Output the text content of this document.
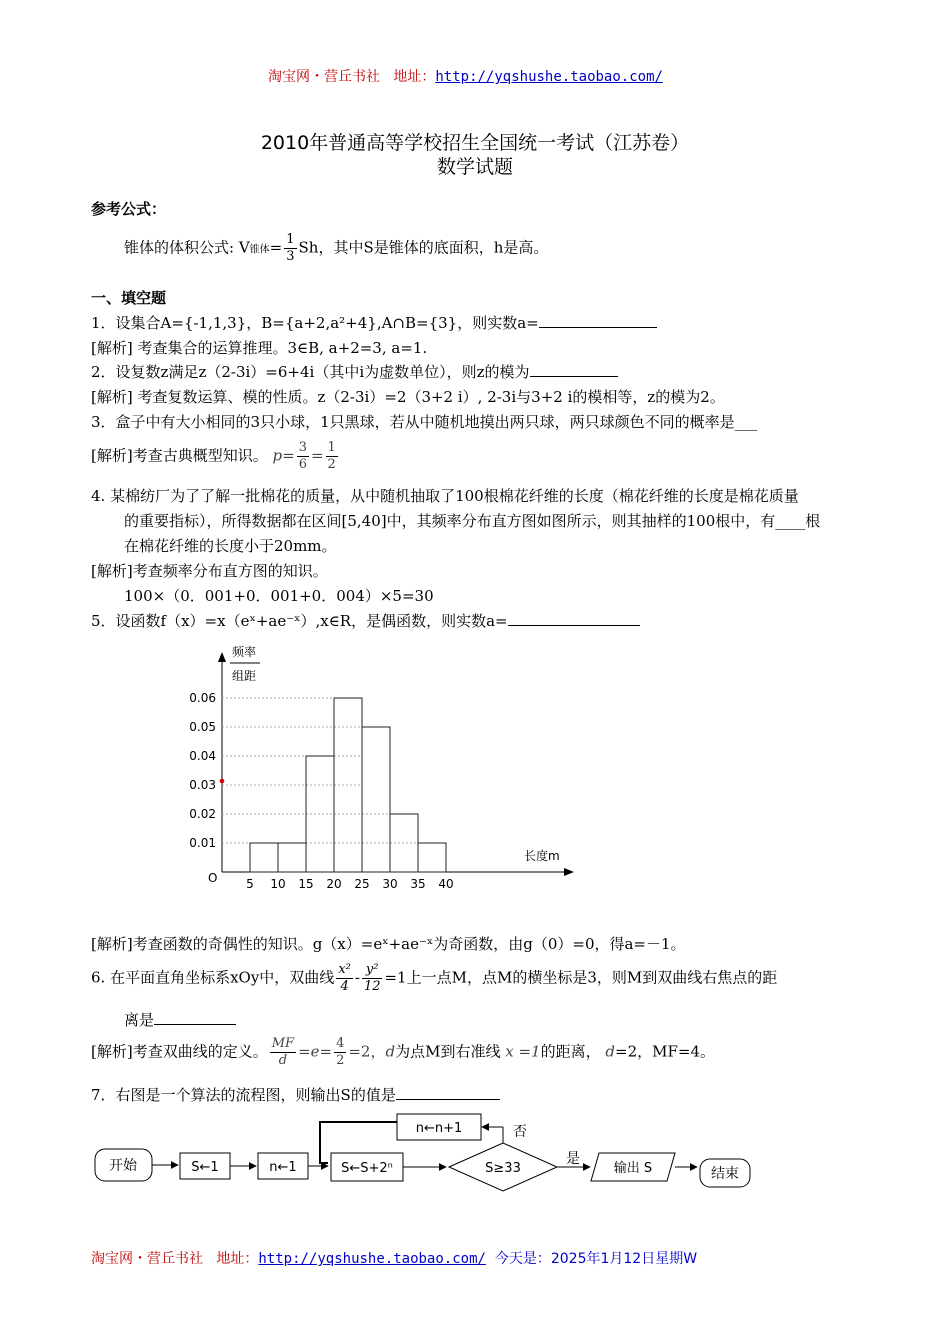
淘宝网・营丘书社 地址：http://yqshushe.taobao.com/
2010年普通高等学校招生全国统一考试（江苏卷）
数学试题
参考公式：
锥体的体积公式: V锥体= $\frac{1}{3}$ Sh，其中S是锥体的底面积，h是高。
一、填空题
1．设集合A={-1,1,3}，B={a+2,a²+4},A∩B={3}，则实数a=
[解析] 考查集合的运算推理。3∈B, a+2=3, a=1.
2．设复数z满足z（2-3i）=6+4i（其中i为虚数单位），则z的模为
[解析] 考查复数运算、模的性质。z（2-3i）=2（3+2 i）, 2-3i与3+2 i的模相等，z的模为2。
3．盒子中有大小相同的3只小球，1只黑球，若从中随机地摸出两只球，两只球颜色不同的概率是___
[解析]考查古典概型知识。 $p= \frac{3}{6} = \frac{1}{2}$
4. 某棉纺厂为了了解一批棉花的质量，从中随机抽取了100根棉花纤维的长度（棉花纤维的长度是棉花质量
的重要指标），所得数据都在区间[5,40]中，其频率分布直方图如图所示，则其抽样的100根中，有____根
在棉花纤维的长度小于20mm。
[解析]考查频率分布直方图的知识。
100×（0．001+0．001+0．004）×5=30
5．设函数f（x）=x（eˣ+ae⁻ˣ）,x∈R，是偶函数，则实数a=
频率
组距
长度m
O
0.01
0.02
0.03
0.04
0.05
0.06
5 10 15 20 25 30 35 40
[解析]考查函数的奇偶性的知识。g（x）=eˣ+ae⁻ˣ为奇函数，由g（0）=0，得a=－1。
6. 在平面直角坐标系xOy中，双曲线 $\frac{\text{x²}}{4} - \frac{\text{y²}}{12} =1$上一点M，点M的横坐标是3，则M到双曲线右焦点的距
离是
[解析]考查双曲线的定义。 $\frac{MF}{d} =e= \frac{4}{2} =2$，d为点M到右准线 x =1的距离， d=2，MF=4。
7．右图是一个算法的流程图，则输出S的值是
开始	S←1	n←1	S←S+2ⁿ	S≥33
否
n←n+1
是
输出 S	结束
淘宝网・营丘书社 地址：http://yqshushe.taobao.com/ 今天是：2025年1月12日星期W
